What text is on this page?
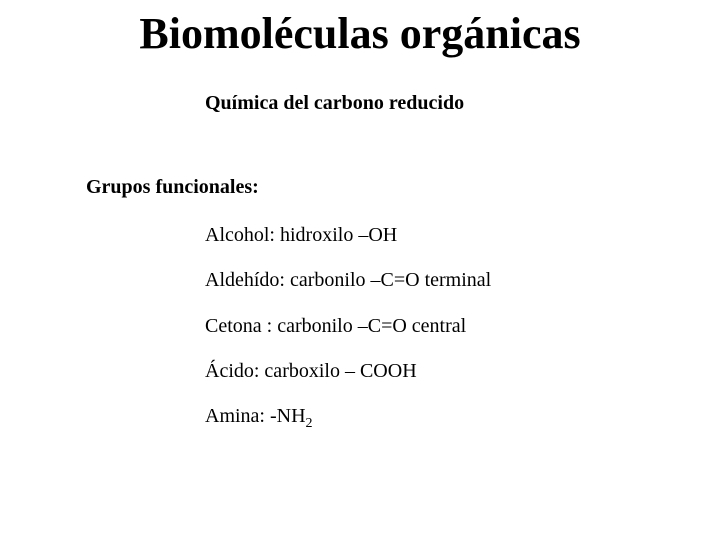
Biomoléculas orgánicas
Química del carbono reducido
Grupos funcionales:
Alcohol: hidroxilo –OH
Aldehído: carbonilo –C=O terminal
Cetona : carbonilo –C=O central
Ácido: carboxilo – COOH
Amina: $-NH_2$
